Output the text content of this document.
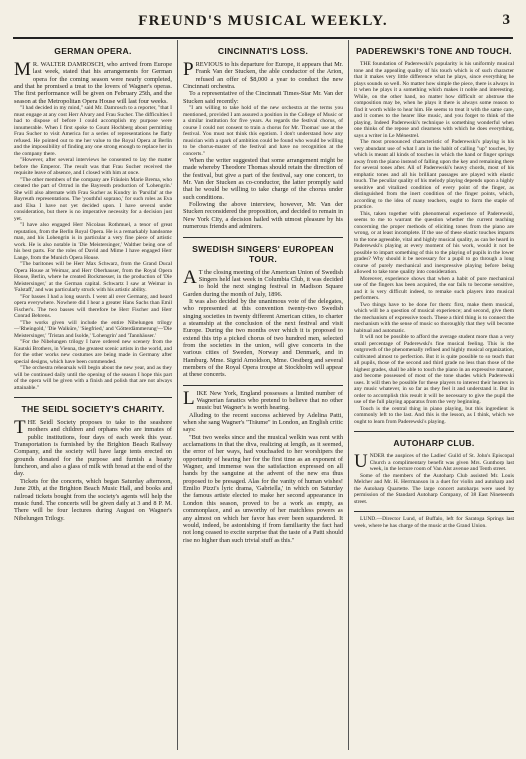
FREUND'S MUSICAL WEEKLY.	3
GERMAN OPERA.

M R. WALTER DAMROSCH, who arrived from Europe last week, stated that his arrangements for German opera for the coming season were nearly completed, and that he promised a treat to the lovers of Wagner's operas. The first performance will be given on February 25th, and the season at the Metropolitan Opera House will last four weeks.

"I had decided in my mind," said Mr. Damrosch to a reporter, "that I must engage at any cost Herr Alvary and Frau Sucher. The difficulties I had to dispose of before I could accomplish my purpose were innumerable. When I first spoke to Count Hochberg about permitting Frau Sucher to visit America for a series of representations he flatly refused. He pointed out to me her value to the Royal Opera at Berlin and the impossibility of finding any one strong enough to replace her in the company there.

"However, after several interviews he consented to lay the matter before the Emperor. The result was that Frau Sucher received the requisite leave of absence, and I closed with him at once.

"The other members of the company are Fräulein Marie Brema, who created the part of Ortrud in the Bayreuth production of 'Lohengrin.' She will also alternate with Frau Sucher as Kundry in 'Parsifal' at the Bayreuth representations. The 'youthful soprano,' for such roles as Eva and Elsa I have not yet decided upon. I have several under consideration, but there is no imperative necessity for a decision just yet.

"I have also engaged Herr Nicolaus Rothmuel, a tenor of great reputation, from the Berlin Royal Opera. He is a remarkably handsome man, and his Lohengrin is in particular a very fine piece of artistic work. He is also notable in 'Die Meistersinger,' Walther being one of his best parts. For the roles of David and Mime I have engaged Herr Lange, from the Munich Opera House.

"The baritones will be Herr Max Schwarz, from the Grand Ducal Opera House at Weimar, and Herr Oberhauser, from the Royal Opera House, Berlin, where he created Bockmesser, in the production of 'Die Meistersinger,' at the German capital. Schwartz I saw at Weimar in 'Falstaff,' and was particularly struck with his artistic ability.

"For basses I had a long search. I went all over Germany, and heard opera everywhere. Nowhere did I hear a greater Hans Sachs than Emil Fischer's. The two basses will therefore be Herr Fischer and Herr Conrad Behrens.

"The works given will include the entire Nibelungen trilogy—'Rheingold,' 'Die Walküre,' 'Siegfried,' and 'Götterdämmerung'—'Die Meistersinger,' 'Tristan and Isolde,' 'Lohengrin' and 'Tannhäuser.'

"For the Nibelungen trilogy I have ordered new scenery from the Kautski Brothers, in Vienna, the greatest scenic artists in the world, and for the other works new costumes are being made in Germany after special designs, which have been commended.

"The orchestra rehearsals will begin about the new year, and as they will be continued daily until the opening of the season I hope this part of the opera will be given with a finish and polish that are not always attainable."

THE SEIDL SOCIETY'S CHARITY.

THE Seidl Society proposes to take to the seashore mothers and children and orphans who are inmates of public institutions, four days of each week this year. Transportation is furnished by the Brighton Beach Railway Company, and the society will have large tents erected on grounds donated for the purpose and furnish a hearty luncheon, and also a glass of milk with bread at the end of the day.

Tickets for the concerts, which began Saturday afternoon, June 20th, at the Brighton Beach Music Hall, and books and railroad tickets bought from the society's agents will help the music fund. The concerts will be given daily at 3 and 8 P. M. There will be four lectures during August on Wagner's Nibelungen Trilogy.

CINCINNATI'S LOSS.

PREVIOUS to his departure for Europe, it appears that Mr. Frank Van der Stucken, the able conductor of the Arion, refused an offer of $8,000 a year to conduct the new Cincinnati orchestra.

To a representative of the Cincinnati Times-Star Mr. Van der Stucken said recently:

"I am willing to take hold of the new orchestra at the terms you mentioned, provided I am assured a position in the College of Music or a similar institution for five years. As regards the festival chorus, of course I could not consent to train a chorus for Mr. Thomas' use at the festival. You must not think this egotism. I don't understand how any musician with a spark of ambition could be found who would be willing to be chorus-master of the festival and have no recognition at the concerts."

When the writer suggested that some arrangement might be made whereby Theodore Thomas should retain the direction of the festival, but give a part of the festival, say one concert, to Mr. Van der Stucken as co-conductor, the latter promptly said that he would be willing to take charge of the chorus under such conditions.

Following the above interview, however, Mr. Van der Stucken reconsidered the proposition, and decided to remain in New York City, a decision hailed with utmost pleasure by his numerous friends and admirers.

SWEDISH SINGERS' EUROPEAN TOUR.

A T the closing meeting of the American Union of Swedish Singers held last week in Columbia Club, it was decided to hold the next singing festival in Madison Square Garden during the month of July, 1896.

It was also decided by the unanimous vote of the delegates, who represented at this convention twenty-two Swedish singing societies in twenty different American cities, to charter a steamship at the conclusion of the next festival and visit Europe. During the two months over which it is proposed to extend this trip a picked chorus of two hundred men, selected from the societies in the union, will give concerts in the various cities of Sweden, Norway and Denmark, and in Hamburg. Mme. Sigrid Arnoldson, Mme. Oestberg and several members of the Royal Opera troupe at Stockholm will appear at these concerts.

LIKE New York, England possesses a limited number of Wagnerian fanatics who pretend to believe that no other music but Wagner's is worth hearing.

Alluding to the recent success achieved by Adelina Patti, when she sang Wagner's "Träume" in London, an English critic says:

"But two weeks since and the musical welkin was rent with acclamations in that the diva, realizing at length, as it seemed, the error of her ways, had vouchsafed to her worshipers the opportunity of hearing her for the first time as an exponent of Wagner, and immense was the satisfaction expressed on all hands by the sanguine at the advent of the new era thus proposed to be presaged. Alas for the vanity of human wishes! Emilio Pizzi's lyric drama, 'Gabriella,' in which on Saturday the famous artiste elected to make her second appearance in London this season, proved to be a work as empty, as commonplace, and as unworthy of her matchless powers as any almost on which her favor has ever been squandered. It would, indeed, be astonishing if from familiarity the fact had not long ceased to excite surprise that the taste of a Patti should rise no higher than such trivial stuff as this."

PADEREWSKI'S TONE AND TOUCH.

THE foundation of Paderewski's popularity is his uniformly musical tone and the appealing quality of his touch which is of such character that it makes very little difference what he plays, since everything he plays sounds so well. No matter how simple the piece, there is always in it when he plays it a something which makes it noble and interesting. While, on the other hand, no matter how difficult or abstruse the composition may be, when he plays it there is always some reason to find it worth while to hear him. He seems to treat it with the same care, and it comes to the hearer like music, and you forget to think of the playing. Indeed Paderewski's technique is something wonderful when one thinks of the repose and clearness with which he does everything, says a writer in Le Ménestrel.

The most pronounced characteristic of Paderewski's playing is his very abundant use of what I am in the habit of calling "up" touches, by which is meant all kinds of touches in which the hand or finger springs away from the piano instead of falling upon the key and remaining there for several tones after. All of Paderewski's heavy chords, most of his emphatic tones and all his brilliant passages are played with elastic touch. The peculiar quality of his melody playing depends upon a highly sensitive and vitalized condition of every point of the finger, as distinguished from the inert condition of the finger points, which, according to the idea of many teachers, ought to form the staple of practice.

This, taken together with phenomenal experience of Paderewski, seems to me to warrant the question whether the current teaching concerning the proper methods of eliciting tones from the piano are wrong, or at least incomplete. If the use of these elastic touches imparts to the tone agreeable, vital and highly musical quality, as can be heard in Paderewski's playing at every moment of his work, would it not be possible to impart something of this to the playing of pupils in the lower grades? Why should it be necessary for a pupil to go through a long course of purely mechanical and inexpressive playing before being allowed to take tone quality into consideration.

Moreover, experience shows that when a habit of pure mechanical use of the fingers has been acquired, the ear fails to become sensitive, and it is very difficult indeed, to remake such players into musical performers.

Two things have to be done for them: first, make them musical, which will be a question of musical experience; and second, give them the mechanism of expressive touch. These a third thing is to connect the mechanism with the sense of music so thoroughly that they will become habitual and automatic.

It will not be possible to afford the average student more than a very small percentage of Paderewski's fine musical feeling. This is the outgrowth of the phenomenally refined and highly musical organization, cultivated almost to perfection. But it is quite possible to so teach that all pupils, those of the second and third grade no less than those of the highest grades, shall be able to touch the piano in an expressive manner, and become possessed of most of the tone shades which Paderewski uses. It will then be possible for these players to interest their hearers in any music whatever, in so far as they feel it and understand it. But in order to accomplish this result it will be necessary to give the pupil the use of the full playing apparatus from the very beginning.

Touch is the central thing in piano playing, but this ingredient is commonly left to the last. And this is the lesson, as I think, which we ought to learn from Paderewski's playing.

AUTOHARP CLUB.

UNDER the auspices of the Ladies' Guild of St. John's Episcopal Church a complimentary benefit was given Mrs. Gunthorp last week, in the lecture room of Van Alst avenue and Tenth street.

Some of the members of the Autoharp Club assisted Mr. Louis Melcher and Mr. H. Herrmanson in a duet for violin and autoharp and the Autoharp Quartette. The large concert autoharps were used by permission of the Standard Autoharp Company, of 38 East Nineteenth street.

LUND.—Director Lund, of Buffalo, left for Saratoga Springs last week, where he has charge of the music at the Grand Union.
